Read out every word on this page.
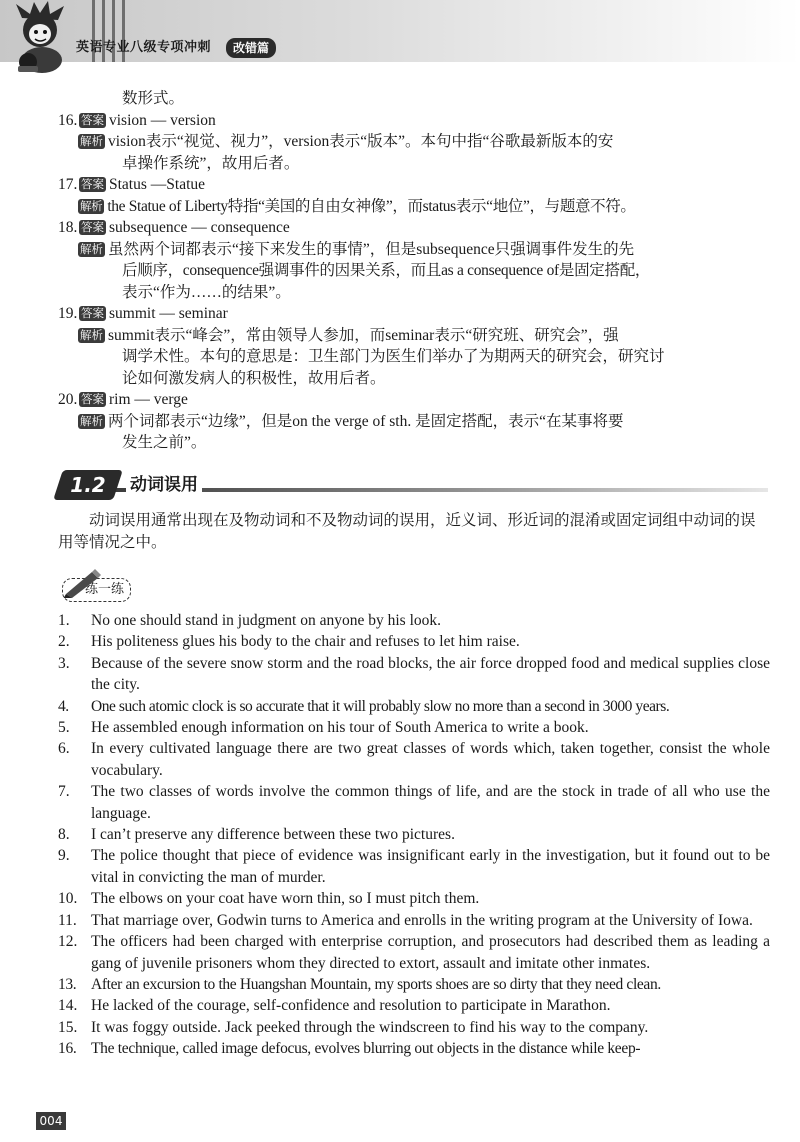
英语专业八级专项冲刺	改错篇
数形式。
16. 答案 vision — version
解析 vision表示“视觉、视力”，version表示“版本”。本句中指“谷歌最新版本的安
卓操作系统”，故用后者。
17. 答案 Status —Statue
解析 the Statue of Liberty特指“美国的自由女神像”，而status表示“地位”，与题意不符。
18. 答案 subsequence — consequence
解析 虽然两个词都表示“接下来发生的事情”，但是subsequence只强调事件发生的先
后顺序，consequence强调事件的因果关系，而且as a consequence of是固定搭配，
表示“作为……的结果”。
19. 答案 summit — seminar
解析 summit表示“峰会”，常由领导人参加，而seminar表示“研究班、研究会”，强
调学术性。本句的意思是：卫生部门为医生们举办了为期两天的研究会，研究讨
论如何激发病人的积极性，故用后者。
20. 答案 rim — verge
解析 两个词都表示“边缘”，但是on the verge of sth. 是固定搭配，表示“在某事将要
发生之前”。
1.2	动词误用
动词误用通常出现在及物动词和不及物动词的误用，近义词、形近词的混淆或固定词组中动词的误用等情况之中。
练一练
1. No one should stand in judgment on anyone by his look.
2. His politeness glues his body to the chair and refuses to let him raise.
3. Because of the severe snow storm and the road blocks, the air force dropped food and medical supplies close the city.
4. One such atomic clock is so accurate that it will probably slow no more than a second in 3000 years.
5. He assembled enough information on his tour of South America to write a book.
6. In every cultivated language there are two great classes of words which, taken together, consist the whole vocabulary.
7. The two classes of words involve the common things of life, and are the stock in trade of all who use the language.
8. I can’t preserve any difference between these two pictures.
9. The police thought that piece of evidence was insignificant early in the investigation, but it found out to be vital in convicting the man of murder.
10. The elbows on your coat have worn thin, so I must pitch them.
11. That marriage over, Godwin turns to America and enrolls in the writing program at the University of Iowa.
12. The officers had been charged with enterprise corruption, and prosecutors had described them as leading a gang of juvenile prisoners whom they directed to extort, assault and imitate other inmates.
13. After an excursion to the Huangshan Mountain, my sports shoes are so dirty that they need clean.
14. He lacked of the courage, self-confidence and resolution to participate in Marathon.
15. It was foggy outside. Jack peeked through the windscreen to find his way to the company.
16. The technique, called image defocus, evolves blurring out objects in the distance while keep-
004
